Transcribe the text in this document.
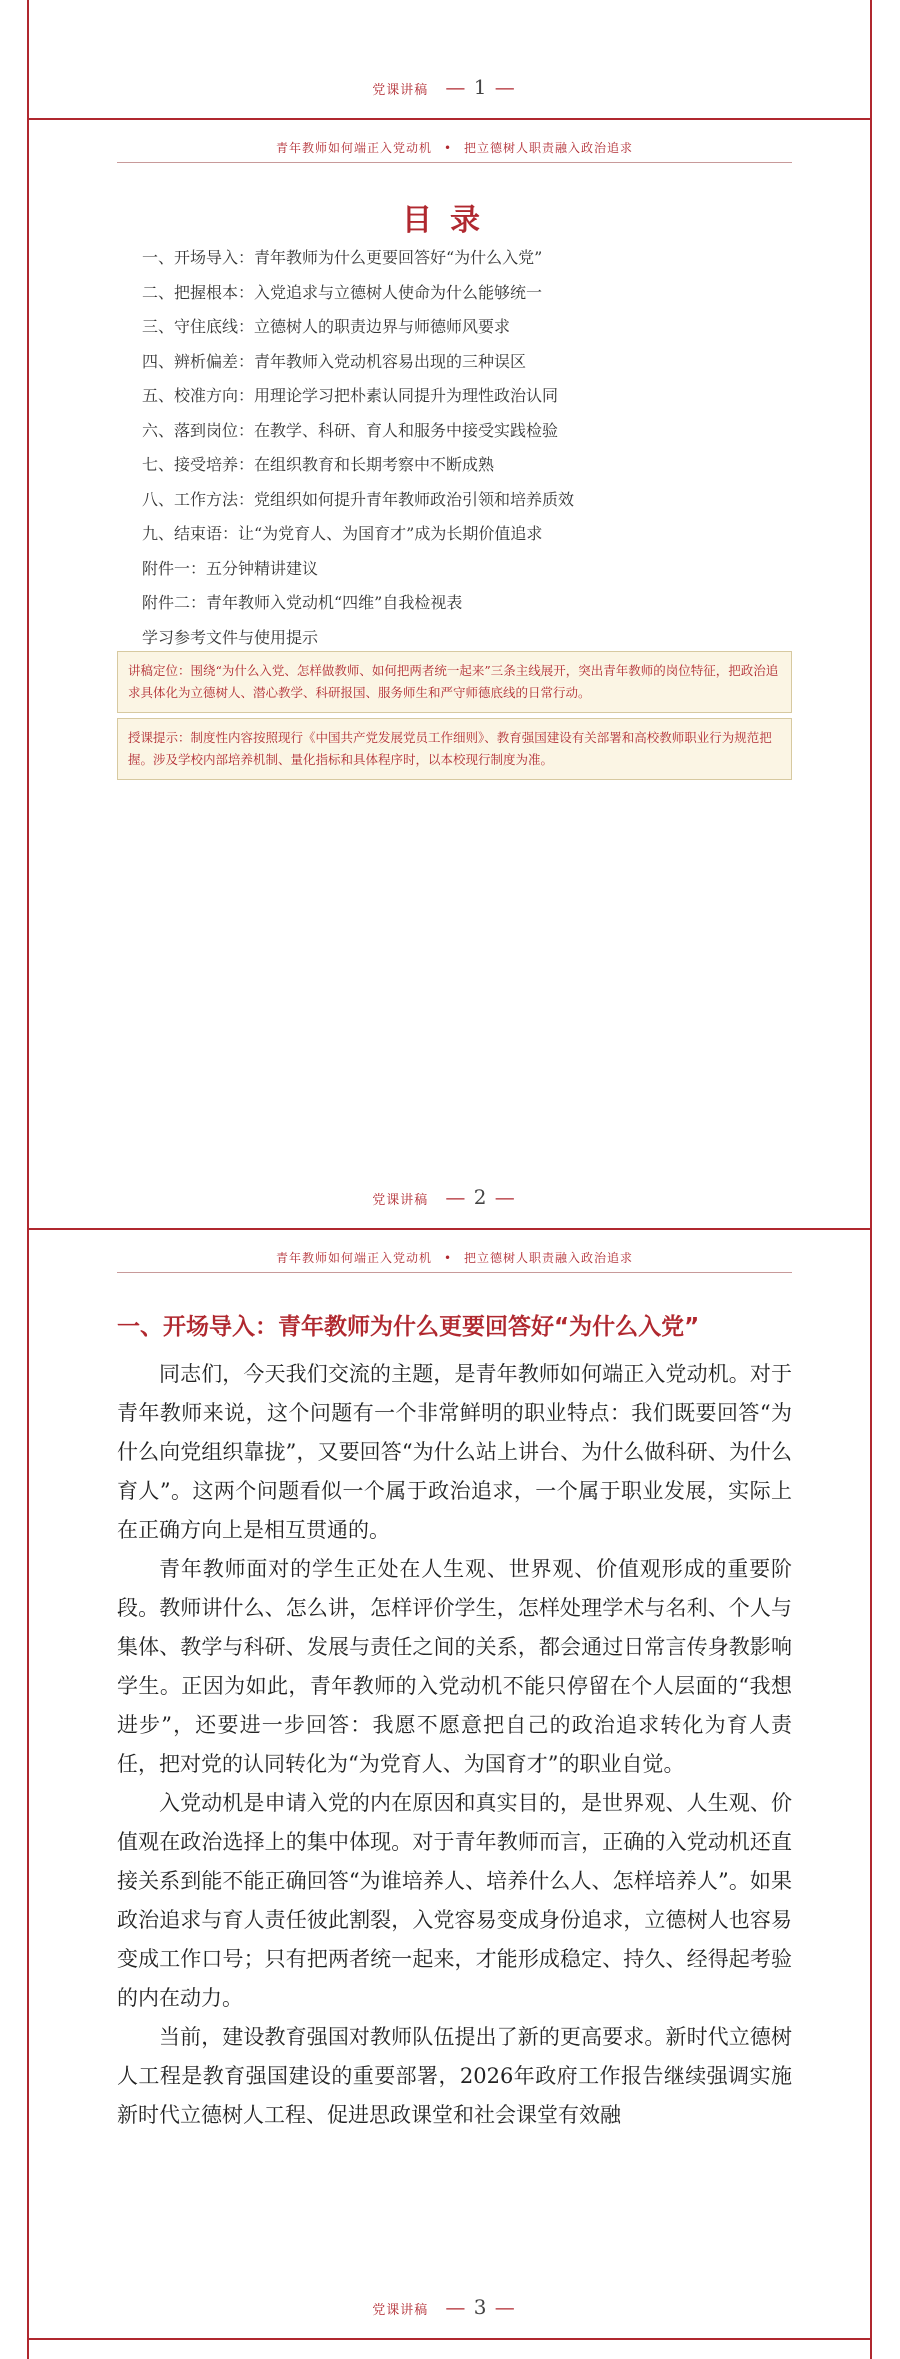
党课讲稿 — 1 —
青年教师如何端正入党动机 • 把立德树人职责融入政治追求
目录
一、开场导入：青年教师为什么更要回答好“为什么入党”
二、把握根本：入党追求与立德树人使命为什么能够统一
三、守住底线：立德树人的职责边界与师德师风要求
四、辨析偏差：青年教师入党动机容易出现的三种误区
五、校准方向：用理论学习把朴素认同提升为理性政治认同
六、落到岗位：在教学、科研、育人和服务中接受实践检验
七、接受培养：在组织教育和长期考察中不断成熟
八、工作方法：党组织如何提升青年教师政治引领和培养质效
九、结束语：让“为党育人、为国育才”成为长期价值追求
附件一：五分钟精讲建议
附件二：青年教师入党动机“四维”自我检视表
学习参考文件与使用提示
讲稿定位：围绕“为什么入党、怎样做教师、如何把两者统一起来”三条主线展开，突出青年教师的岗位特征，把政治追求具体化为立德树人、潜心教学、科研报国、服务师生和严守师德底线的日常行动。
授课提示：制度性内容按照现行《中国共产党发展党员工作细则》、教育强国建设有关部署和高校教师职业行为规范把握。涉及学校内部培养机制、量化指标和具体程序时，以本校现行制度为准。
党课讲稿 — 2 —
青年教师如何端正入党动机 • 把立德树人职责融入政治追求
一、开场导入：青年教师为什么更要回答好“为什么入党”

同志们，今天我们交流的主题，是青年教师如何端正入党动机。对于青年教师来说，这个问题有一个非常鲜明的职业特点：我们既要回答“为什么向党组织靠拢”，又要回答“为什么站上讲台、为什么做科研、为什么育人”。这两个问题看似一个属于政治追求，一个属于职业发展，实际上在正确方向上是相互贯通的。

青年教师面对的学生正处在人生观、世界观、价值观形成的重要阶段。教师讲什么、怎么讲，怎样评价学生，怎样处理学术与名利、个人与集体、教学与科研、发展与责任之间的关系，都会通过日常言传身教影响学生。正因为如此，青年教师的入党动机不能只停留在个人层面的“我想进步”，还要进一步回答：我愿不愿意把自己的政治追求转化为育人责任，把对党的认同转化为“为党育人、为国育才”的职业自觉。

入党动机是申请入党的内在原因和真实目的，是世界观、人生观、价值观在政治选择上的集中体现。对于青年教师而言，正确的入党动机还直接关系到能不能正确回答“为谁培养人、培养什么人、怎样培养人”。如果政治追求与育人责任彼此割裂，入党容易变成身份追求，立德树人也容易变成工作口号；只有把两者统一起来，才能形成稳定、持久、经得起考验的内在动力。

当前，建设教育强国对教师队伍提出了新的更高要求。新时代立德树人工程是教育强国建设的重要部署，2026年政府工作报告继续强调实施新时代立德树人工程、促进思政课堂和社会课堂有效融

党课讲稿 — 3 —
